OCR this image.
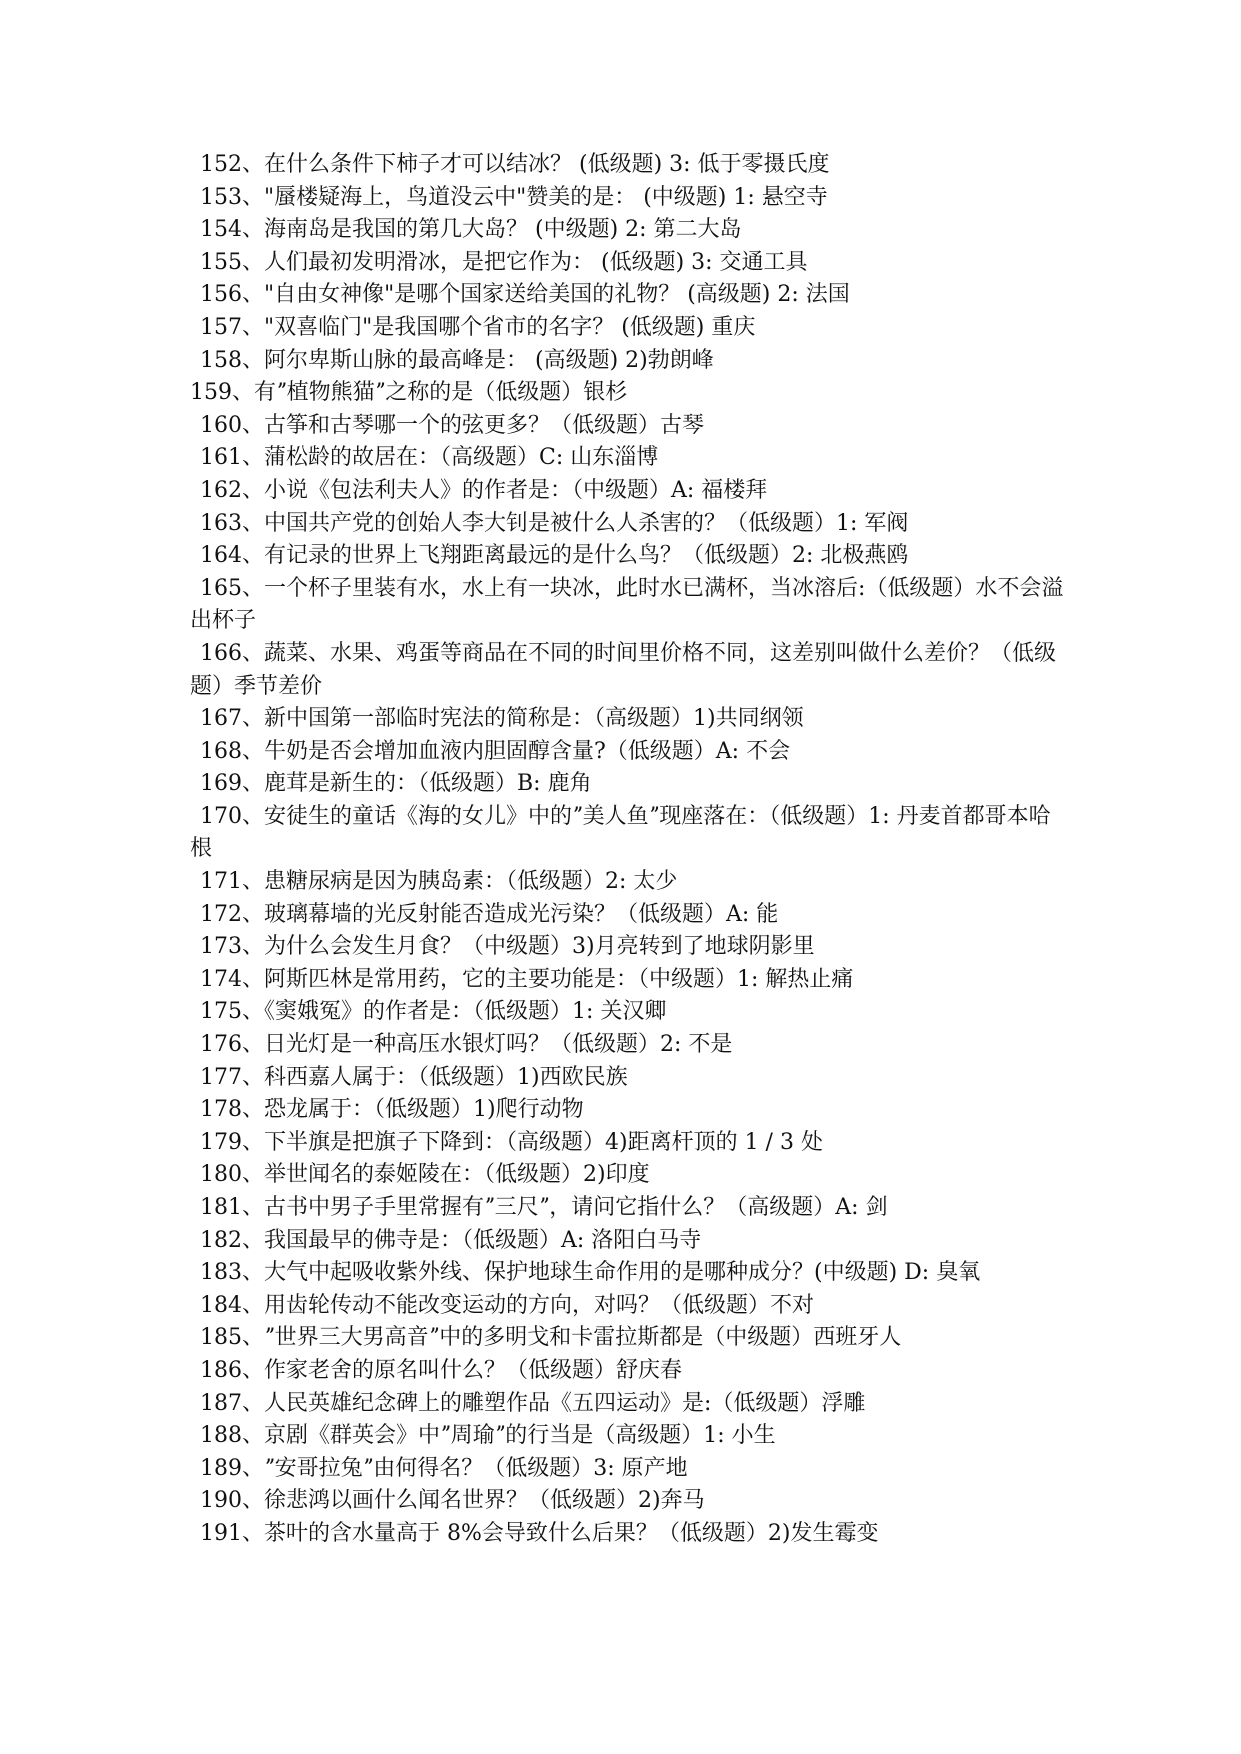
152、在什么条件下柿子才可以结冰？ (低级题) 3: 低于零摄氏度

153、"蜃楼疑海上，鸟道没云中"赞美的是： (中级题) 1: 悬空寺

154、海南岛是我国的第几大岛？ (中级题) 2: 第二大岛

155、人们最初发明滑冰，是把它作为： (低级题) 3: 交通工具

156、"自由女神像"是哪个国家送给美国的礼物？ (高级题) 2: 法国

157、"双喜临门"是我国哪个省市的名字？ (低级题) 重庆

158、阿尔卑斯山脉的最高峰是： (高级题) 2)勃朗峰

159、有ˮ植物熊猫ˮ之称的是（低级题）银杉

160、古筝和古琴哪一个的弦更多？（低级题）古琴

161、蒲松龄的故居在：（高级题）C: 山东淄博

162、小说《包法利夫人》的作者是：（中级题）A: 福楼拜

163、中国共产党的创始人李大钊是被什么人杀害的？（低级题）1: 军阀

164、有记录的世界上飞翔距离最远的是什么鸟？（低级题）2: 北极燕鸥

165、一个杯子里装有水，水上有一块冰，此时水已满杯，当冰溶后:（低级题）水不会溢出杯子

166、蔬菜、水果、鸡蛋等商品在不同的时间里价格不同，这差别叫做什么差价？（低级题）季节差价

167、新中国第一部临时宪法的简称是：（高级题）1)共同纲领

168、牛奶是否会增加血液内胆固醇含量?（低级题）A: 不会

169、鹿茸是新生的：（低级题）B: 鹿角

170、安徒生的童话《海的女儿》中的ˮ美人鱼ˮ现座落在：（低级题）1: 丹麦首都哥本哈根

171、患糖尿病是因为胰岛素：（低级题）2: 太少

172、玻璃幕墙的光反射能否造成光污染？（低级题）A: 能

173、为什么会发生月食？（中级题）3)月亮转到了地球阴影里

174、阿斯匹林是常用药，它的主要功能是：（中级题）1: 解热止痛

175、《窦娥冤》的作者是：（低级题）1: 关汉卿

176、日光灯是一种高压水银灯吗？（低级题）2: 不是

177、科西嘉人属于：（低级题）1)西欧民族

178、恐龙属于：（低级题）1)爬行动物

179、下半旗是把旗子下降到：（高级题）4)距离杆顶的 1 / 3 处

180、举世闻名的泰姬陵在：（低级题）2)印度

181、古书中男子手里常握有ˮ三尺ˮ，请问它指什么？（高级题）A: 剑

182、我国最早的佛寺是：（低级题）A: 洛阳白马寺

183、大气中起吸收紫外线、保护地球生命作用的是哪种成分？(中级题) D: 臭氧

184、用齿轮传动不能改变运动的方向，对吗？（低级题）不对

185、ˮ世界三大男高音ˮ中的多明戈和卡雷拉斯都是（中级题）西班牙人

186、作家老舍的原名叫什么？（低级题）舒庆春

187、人民英雄纪念碑上的雕塑作品《五四运动》是:（低级题）浮雕

188、京剧《群英会》中ˮ周瑜ˮ的行当是（高级题）1: 小生

189、ˮ安哥拉兔ˮ由何得名？（低级题）3: 原产地

190、徐悲鸿以画什么闻名世界？（低级题）2)奔马

191、茶叶的含水量高于 8%会导致什么后果？（低级题）2)发生霉变
